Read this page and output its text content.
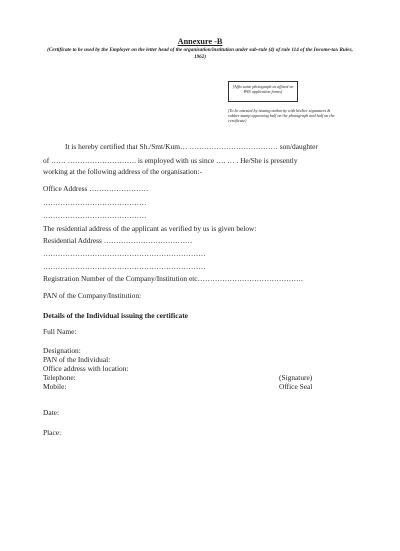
Annexure -B
(Certificate to be used by the Employer on the letter head of the organisation/institution under sub-rule (4) of rule 114 of the Income-tax Rules, 1962)
[Affix same photograph as affixed on PAN application forms]
(To be attested by issuing authority with his/her signatures & rubber stamp appearing half on the photograph and half on the certificate)
It is hereby certified that Sh./Smt/Kum… ……………………………… son/daughter
of …… ………………………. is employed with us since …. … . He/She is presently
working at the following address of the organisation:-
Office Address ……………………
……………………………………
……………………………………
The residential address of the applicant as verified by us is given below:
Residential Address ………………………………
…………………………………………………………
…………………………………………………………
Registration Number of the Company/Institution etc…………………………………….
PAN of the Company/Institution:
Details of the Individual issuing the certificate
Full Name:
Designation:
PAN of the Individual:
Office address with location:
Telephone:
Mobile:
(Signature)
Office Seal
Date:
Place:
